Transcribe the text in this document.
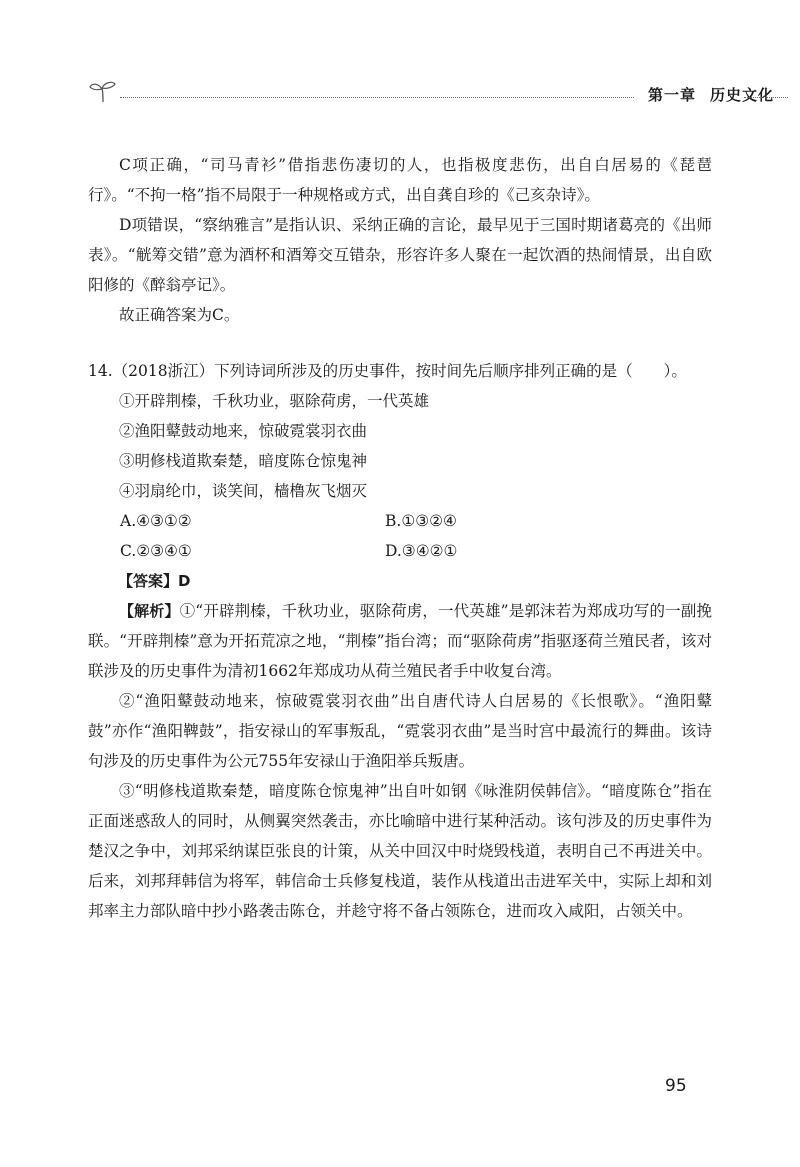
第一章 历史文化

C项正确，“司马青衫”借指悲伤凄切的人，也指极度悲伤，出自白居易的《琵琶行》。“不拘一格”指不局限于一种规格或方式，出自龚自珍的《己亥杂诗》。

D项错误，“察纳雅言”是指认识、采纳正确的言论，最早见于三国时期诸葛亮的《出师表》。“觥筹交错”意为酒杯和酒筹交互错杂，形容许多人聚在一起饮酒的热闹情景，出自欧阳修的《醉翁亭记》。

故正确答案为C。

14.（2018浙江）下列诗词所涉及的历史事件，按时间先后顺序排列正确的是（　　）。

①开辟荆榛，千秋功业，驱除荷虏，一代英雄

②渔阳鼙鼓动地来，惊破霓裳羽衣曲

③明修栈道欺秦楚，暗度陈仓惊鬼神

④羽扇纶巾，谈笑间，樯橹灰飞烟灭

A.④③①②	B.①③②④
C.②③④①	D.③④②①

【答案】D

【解析】①“开辟荆榛，千秋功业，驱除荷虏，一代英雄”是郭沫若为郑成功写的一副挽联。“开辟荆榛”意为开拓荒凉之地，“荆榛”指台湾；而“驱除荷虏”指驱逐荷兰殖民者，该对联涉及的历史事件为清初1662年郑成功从荷兰殖民者手中收复台湾。

②“渔阳鼙鼓动地来，惊破霓裳羽衣曲”出自唐代诗人白居易的《长恨歌》。“渔阳鼙鼓”亦作“渔阳鞞鼓”，指安禄山的军事叛乱，“霓裳羽衣曲”是当时宫中最流行的舞曲。该诗句涉及的历史事件为公元755年安禄山于渔阳举兵叛唐。

③“明修栈道欺秦楚，暗度陈仓惊鬼神”出自叶如钢《咏淮阴侯韩信》。“暗度陈仓”指在正面迷惑敌人的同时，从侧翼突然袭击，亦比喻暗中进行某种活动。该句涉及的历史事件为楚汉之争中，刘邦采纳谋臣张良的计策，从关中回汉中时烧毁栈道，表明自己不再进关中。后来，刘邦拜韩信为将军，韩信命士兵修复栈道，装作从栈道出击进军关中，实际上却和刘邦率主力部队暗中抄小路袭击陈仓，并趁守将不备占领陈仓，进而攻入咸阳，占领关中。

95
